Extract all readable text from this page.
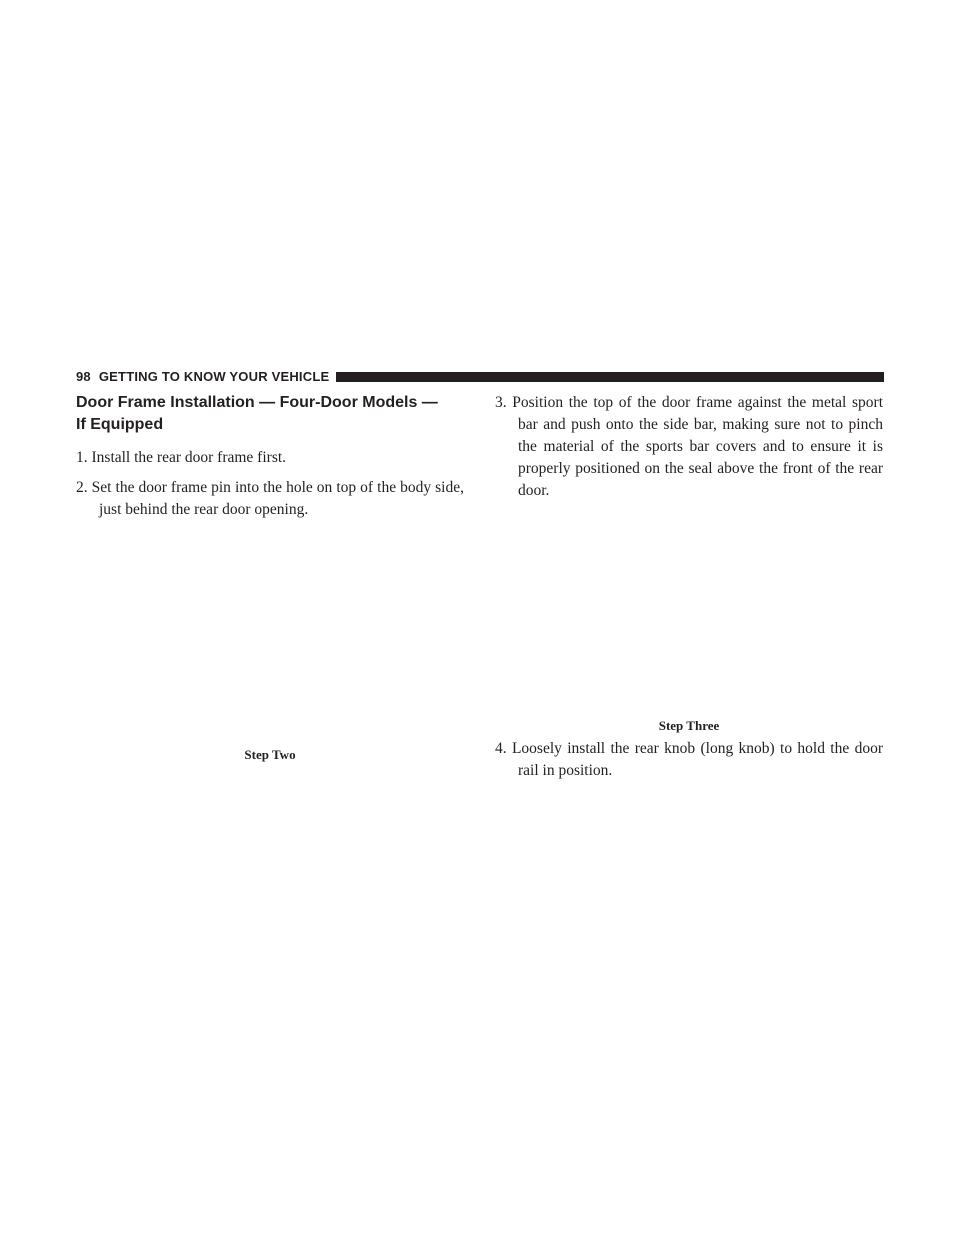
98 GETTING TO KNOW YOUR VEHICLE
Door Frame Installation — Four-Door Models —
If Equipped

1. Install the rear door frame first.

2. Set the door frame pin into the hole on top of the body side, just behind the rear door opening.

Step Two

3. Position the top of the door frame against the metal sport bar and push onto the side bar, making sure not to pinch the material of the sports bar covers and to ensure it is properly positioned on the seal above the front of the rear door.

Step Three

4. Loosely install the rear knob (long knob) to hold the door rail in position.
